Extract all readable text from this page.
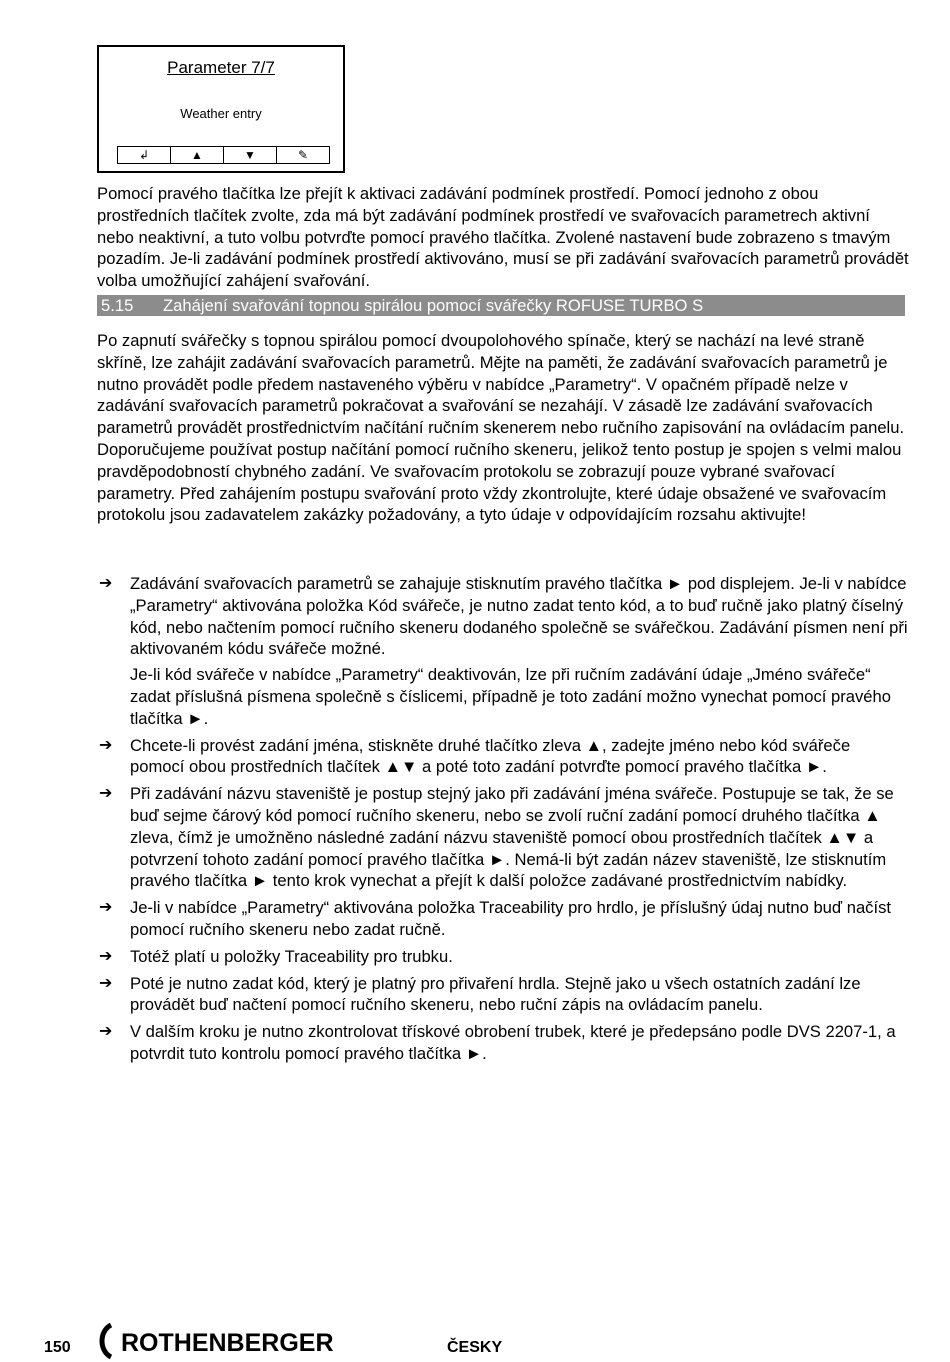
Parameter 7/7
Weather entry
↲	▲	▼	✎
Pomocí pravého tlačítka lze přejít k aktivaci zadávání podmínek prostředí. Pomocí jednoho z obou prostředních tlačítek zvolte, zda má být zadávání podmínek prostředí ve svařovacích parametrech aktivní nebo neaktivní, a tuto volbu potvrďte pomocí pravého tlačítka. Zvolené nastavení bude zobrazeno s tmavým pozadím. Je-li zadávání podmínek prostředí aktivováno, musí se při zadávání svařovacích parametrů provádět volba umožňující zahájení svařování.
5.15 Zahájení svařování topnou spirálou pomocí svářečky ROFUSE TURBO S
Po zapnutí svářečky s topnou spirálou pomocí dvoupolohového spínače, který se nachází na levé straně skříně, lze zahájit zadávání svařovacích parametrů. Mějte na paměti, že zadávání svařovacích parametrů je nutno provádět podle předem nastaveného výběru v nabídce „Parametry“. V opačném případě nelze v zadávání svařovacích parametrů pokračovat a svařování se nezahájí. V zásadě lze zadávání svařovacích parametrů provádět prostřednictvím načítání ručním skenerem nebo ručního zapisování na ovládacím panelu. Doporučujeme používat postup načítání pomocí ručního skeneru, jelikož tento postup je spojen s velmi malou pravděpodobností chybného zadání. Ve svařovacím protokolu se zobrazují pouze vybrané svařovací parametry. Před zahájením postupu svařování proto vždy zkontrolujte, které údaje obsažené ve svařovacím protokolu jsou zadavatelem zakázky požadovány, a tyto údaje v odpovídajícím rozsahu aktivujte!
➔ Zadávání svařovacích parametrů se zahajuje stisknutím pravého tlačítka ► pod displejem. Je-li v nabídce „Parametry“ aktivována položka Kód svářeče, je nutno zadat tento kód, a to buď ručně jako platný číselný kód, nebo načtením pomocí ručního skeneru dodaného společně se svářečkou. Zadávání písmen není při aktivovaném kódu svářeče možné.
Je-li kód svářeče v nabídce „Parametry“ deaktivován, lze při ručním zadávání údaje „Jméno svářeče“ zadat příslušná písmena společně s číslicemi, případně je toto zadání možno vynechat pomocí pravého tlačítka ►.
➔ Chcete-li provést zadání jména, stiskněte druhé tlačítko zleva ▲, zadejte jméno nebo kód svářeče pomocí obou prostředních tlačítek ▲▼ a poté toto zadání potvrďte pomocí pravého tlačítka ►.
➔ Při zadávání názvu staveniště je postup stejný jako při zadávání jména svářeče. Postupuje se tak, že se buď sejme čárový kód pomocí ručního skeneru, nebo se zvolí ruční zadání pomocí druhého tlačítka ▲ zleva, čímž je umožněno následné zadání názvu staveniště pomocí obou prostředních tlačítek ▲▼ a potvrzení tohoto zadání pomocí pravého tlačítka ►. Nemá-li být zadán název staveniště, lze stisknutím pravého tlačítka ► tento krok vynechat a přejít k další položce zadávané prostřednictvím nabídky.
➔ Je-li v nabídce „Parametry“ aktivována položka Traceability pro hrdlo, je příslušný údaj nutno buď načíst pomocí ručního skeneru nebo zadat ručně.
➔ Totéž platí u položky Traceability pro trubku.
➔ Poté je nutno zadat kód, který je platný pro přivaření hrdla. Stejně jako u všech ostatních zadání lze provádět buď načtení pomocí ručního skeneru, nebo ruční zápis na ovládacím panelu.
➔ V dalším kroku je nutno zkontrolovat třískové obrobení trubek, které je předepsáno podle DVS 2207-1, a potvrdit tuto kontrolu pomocí pravého tlačítka ►.
150 ROTHENBERGER	ČESKY
